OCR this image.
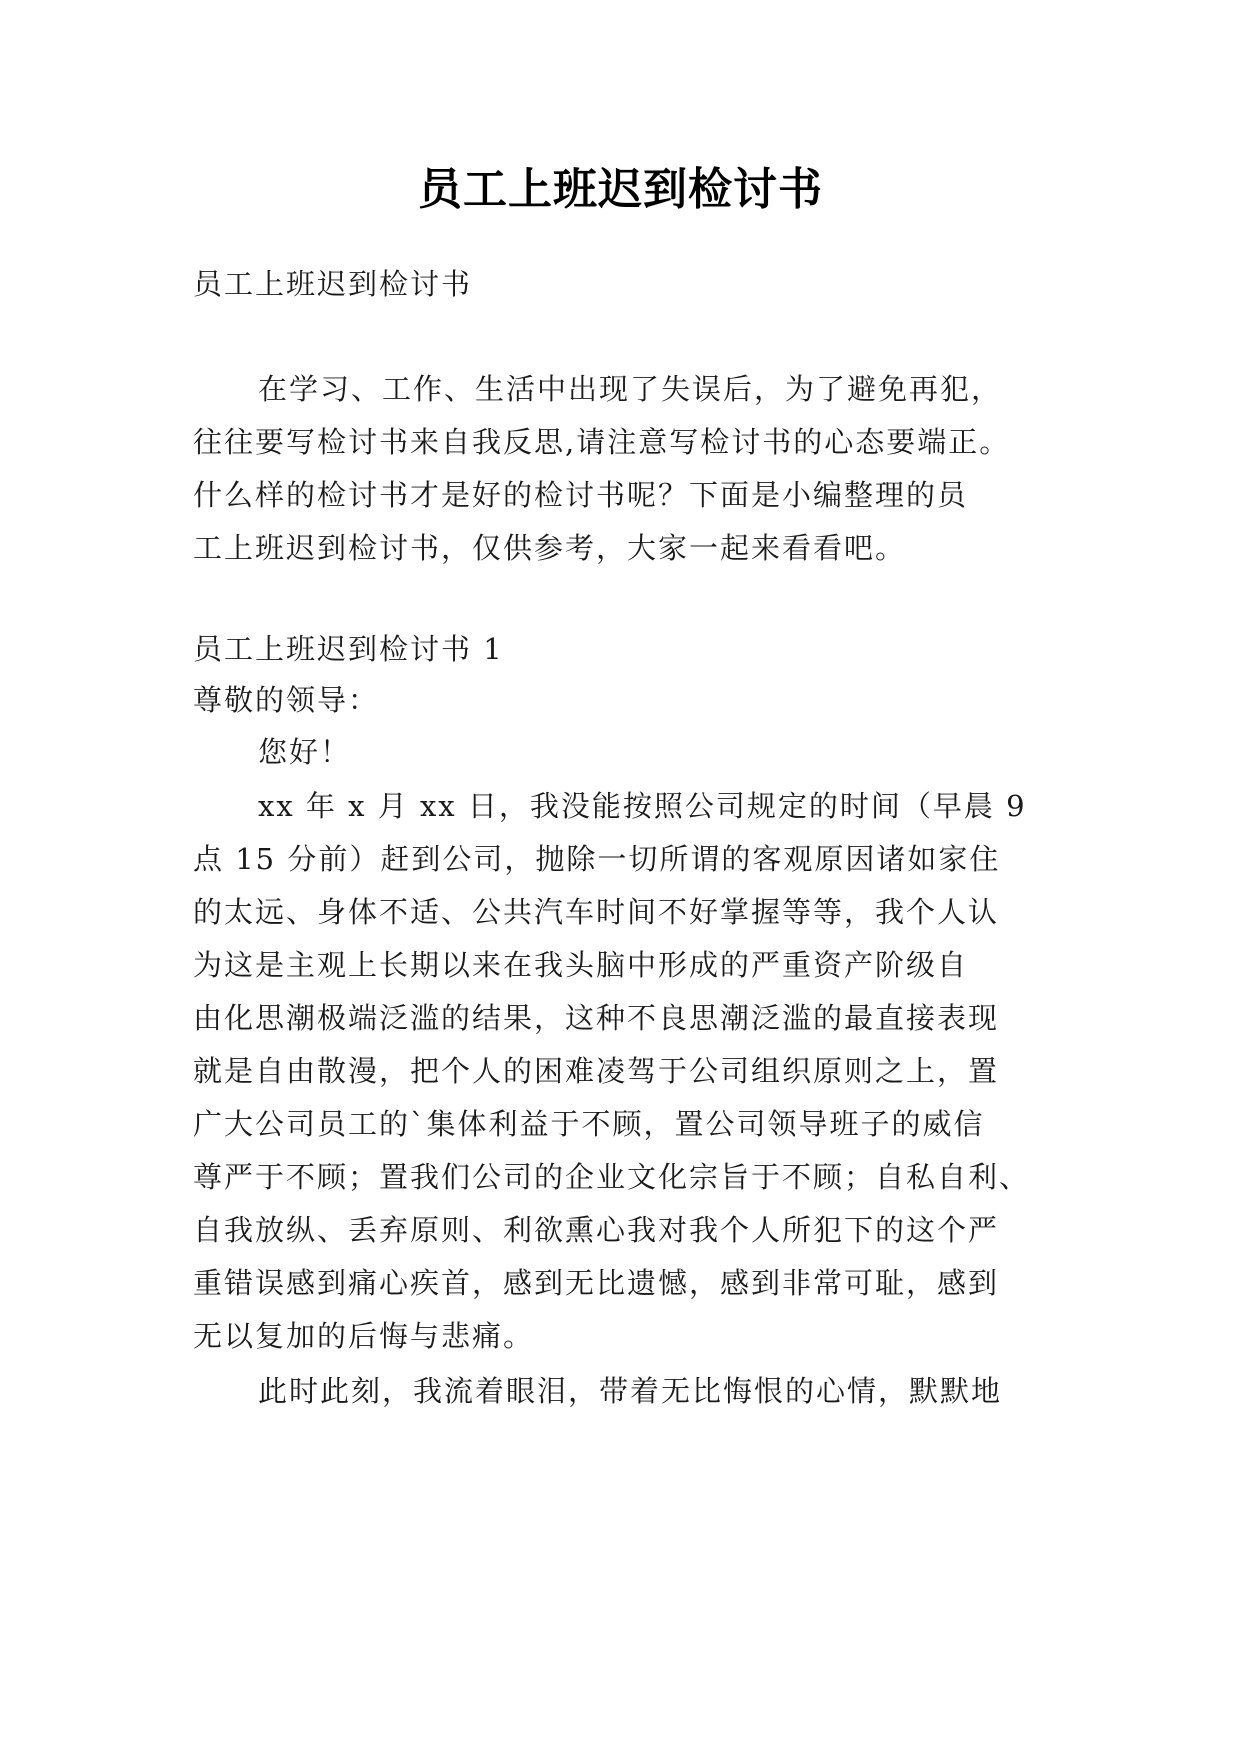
员工上班迟到检讨书
员工上班迟到检讨书
在学习、工作、生活中出现了失误后，为了避免再犯，
往往要写检讨书来自我反思,请注意写检讨书的心态要端正。
什么样的检讨书才是好的检讨书呢？下面是小编整理的员
工上班迟到检讨书，仅供参考，大家一起来看看吧。
员工上班迟到检讨书 1
尊敬的领导：
您好！
xx 年 x 月 xx 日，我没能按照公司规定的时间（早晨 9
点 15 分前）赶到公司，抛除一切所谓的客观原因诸如家住
的太远、身体不适、公共汽车时间不好掌握等等，我个人认
为这是主观上长期以来在我头脑中形成的严重资产阶级自
由化思潮极端泛滥的结果，这种不良思潮泛滥的最直接表现
就是自由散漫，把个人的困难凌驾于公司组织原则之上，置
广大公司员工的`集体利益于不顾，置公司领导班子的威信
尊严于不顾；置我们公司的企业文化宗旨于不顾；自私自利、
自我放纵、丢弃原则、利欲熏心我对我个人所犯下的这个严
重错误感到痛心疾首，感到无比遗憾，感到非常可耻，感到
无以复加的后悔与悲痛。
此时此刻，我流着眼泪，带着无比悔恨的心情，默默地
